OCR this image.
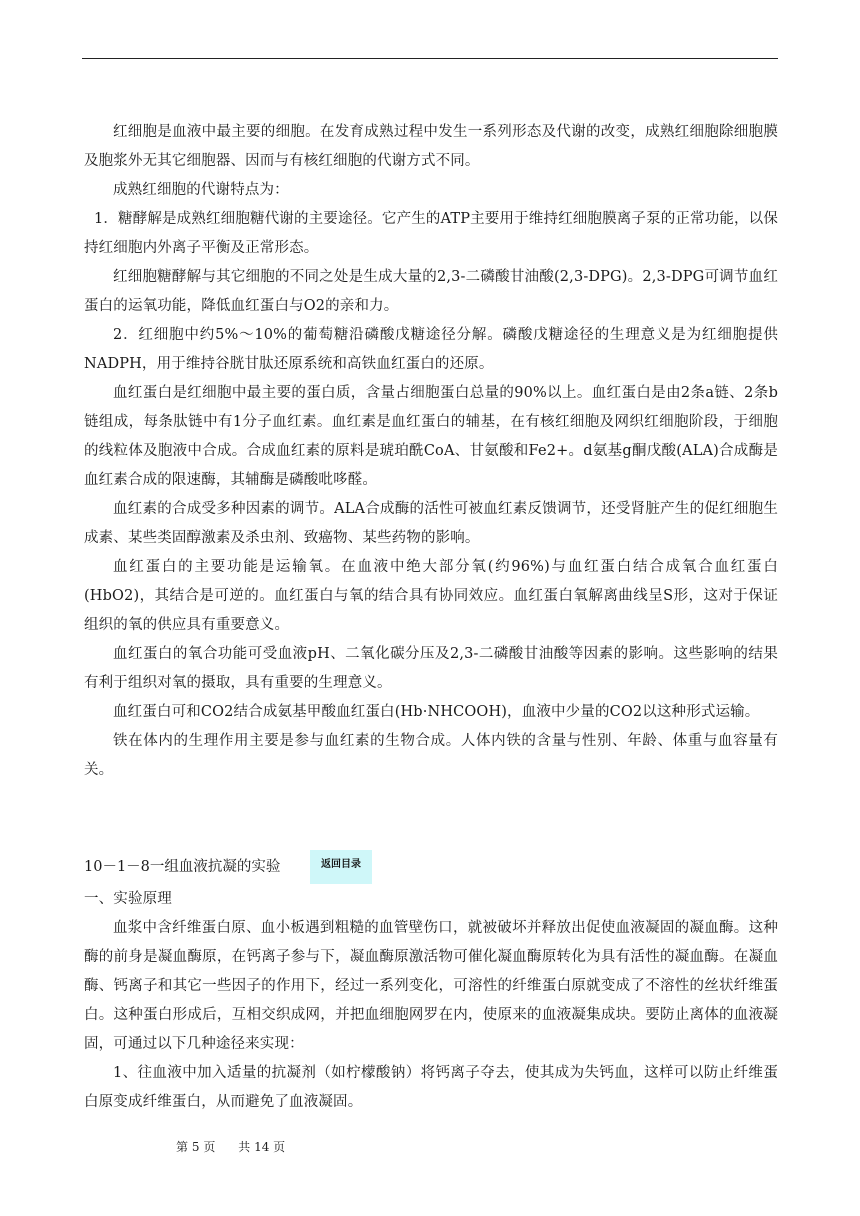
红细胞是血液中最主要的细胞。在发育成熟过程中发生一系列形态及代谢的改变，成熟红细胞除细胞膜及胞浆外无其它细胞器、因而与有核红细胞的代谢方式不同。

成熟红细胞的代谢特点为：

1．糖酵解是成熟红细胞糖代谢的主要途径。它产生的ATP主要用于维持红细胞膜离子泵的正常功能，以保持红细胞内外离子平衡及正常形态。

红细胞糖酵解与其它细胞的不同之处是生成大量的2,3-二磷酸甘油酸(2,3-DPG)。2,3-DPG可调节血红蛋白的运氧功能，降低血红蛋白与O2的亲和力。

2．红细胞中约5%～10%的葡萄糖沿磷酸戊糖途径分解。磷酸戊糖途径的生理意义是为红细胞提供NADPH，用于维持谷胱甘肽还原系统和高铁血红蛋白的还原。

血红蛋白是红细胞中最主要的蛋白质，含量占细胞蛋白总量的90%以上。血红蛋白是由2条a链、2条b链组成，每条肽链中有1分子血红素。血红素是血红蛋白的辅基，在有核红细胞及网织红细胞阶段，于细胞的线粒体及胞液中合成。合成血红素的原料是琥珀酰CoA、甘氨酸和Fe2+。d氨基g酮戊酸(ALA)合成酶是血红素合成的限速酶，其辅酶是磷酸吡哆醛。

血红素的合成受多种因素的调节。ALA合成酶的活性可被血红素反馈调节，还受肾脏产生的促红细胞生成素、某些类固醇激素及杀虫剂、致癌物、某些药物的影响。

血红蛋白的主要功能是运输氧。在血液中绝大部分氧(约96%)与血红蛋白结合成氧合血红蛋白(HbO2)，其结合是可逆的。血红蛋白与氧的结合具有协同效应。血红蛋白氧解离曲线呈S形，这对于保证组织的氧的供应具有重要意义。

血红蛋白的氧合功能可受血液pH、二氧化碳分压及2,3-二磷酸甘油酸等因素的影响。这些影响的结果有利于组织对氧的摄取，具有重要的生理意义。

血红蛋白可和CO2结合成氨基甲酸血红蛋白(Hb·NHCOOH)，血液中少量的CO2以这种形式运输。

铁在体内的生理作用主要是参与血红素的生物合成。人体内铁的含量与性别、年龄、体重与血容量有关。

10－1－8一组血液抗凝的实验	返回目录

一、实验原理

血浆中含纤维蛋白原、血小板遇到粗糙的血管壁伤口，就被破坏并释放出促使血液凝固的凝血酶。这种酶的前身是凝血酶原，在钙离子参与下，凝血酶原激活物可催化凝血酶原转化为具有活性的凝血酶。在凝血酶、钙离子和其它一些因子的作用下，经过一系列变化，可溶性的纤维蛋白原就变成了不溶性的丝状纤维蛋白。这种蛋白形成后，互相交织成网，并把血细胞网罗在内，使原来的血液凝集成块。要防止离体的血液凝固，可通过以下几种途径来实现：

1、往血液中加入适量的抗凝剂（如柠檬酸钠）将钙离子夺去，使其成为失钙血，这样可以防止纤维蛋白原变成纤维蛋白，从而避免了血液凝固。

第 5 页 共 14 页
